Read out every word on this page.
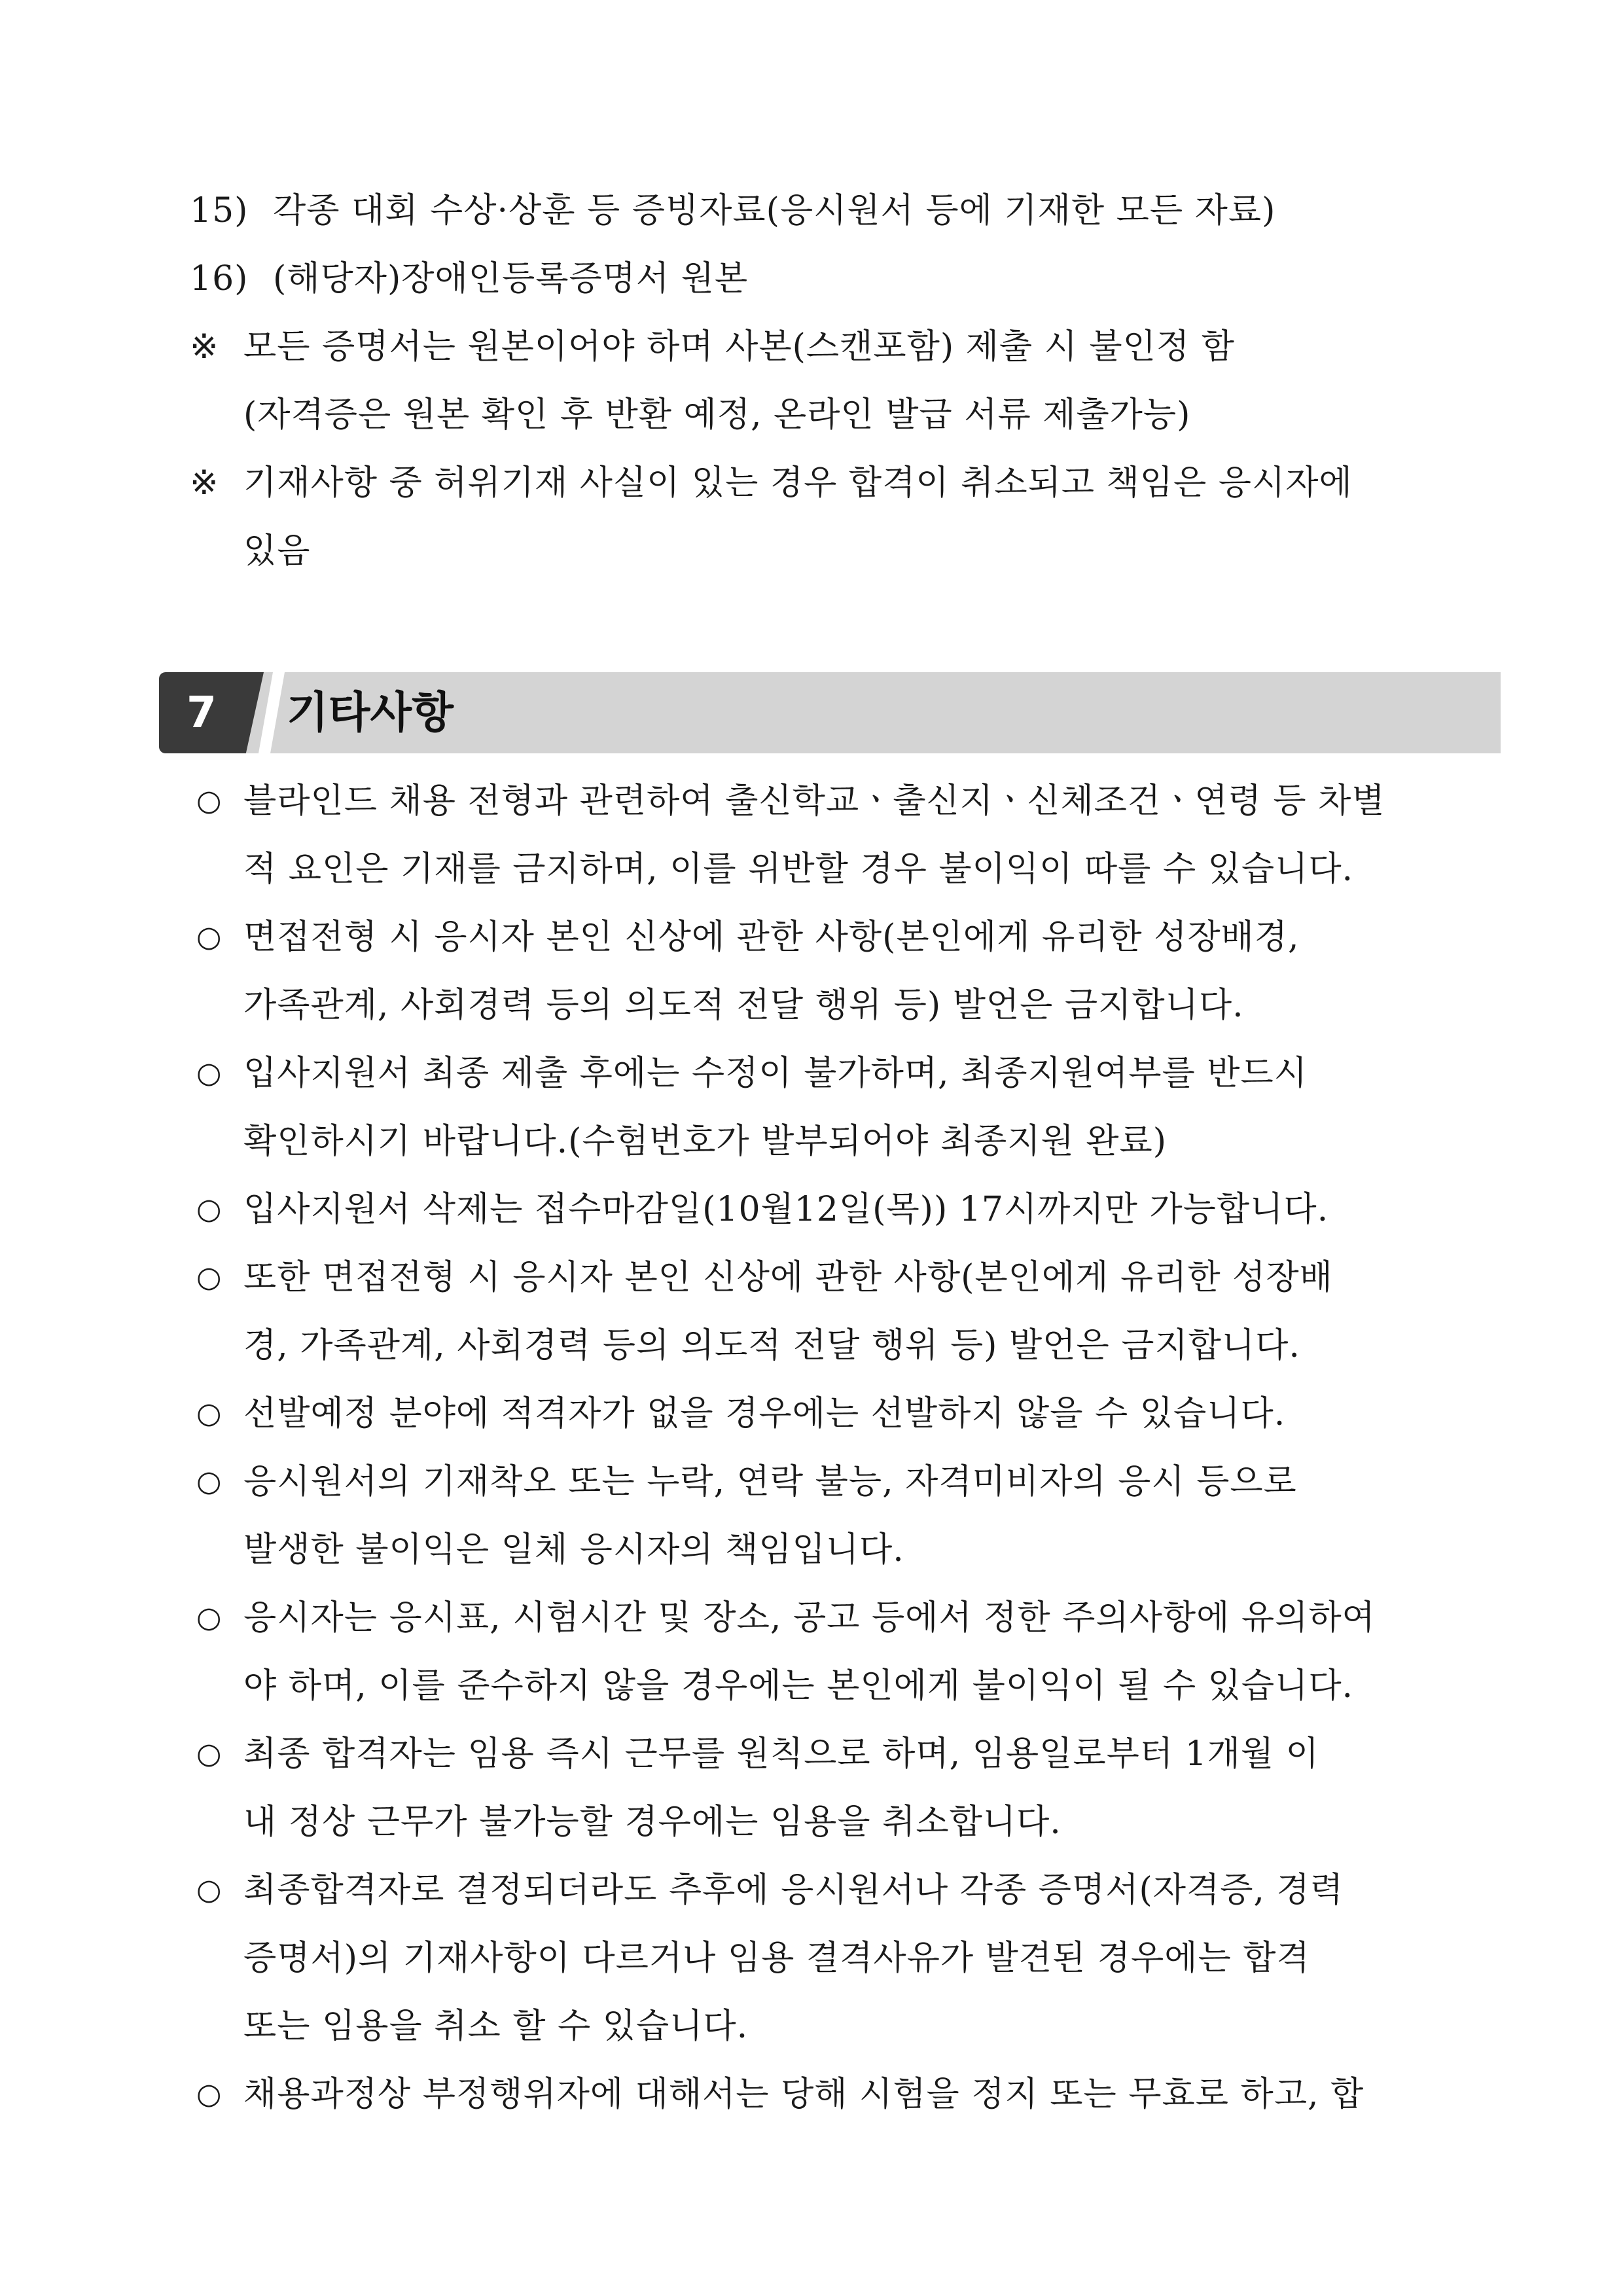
15) 각종 대회 수상·상훈 등 증빙자료(응시원서 등에 기재한 모든 자료)
16) (해당자)장애인등록증명서 원본
※ 모든 증명서는 원본이어야 하며 사본(스캔포함) 제출 시 불인정 함
(자격증은 원본 확인 후 반환 예정, 온라인 발급 서류 제출가능)
※ 기재사항 중 허위기재 사실이 있는 경우 합격이 취소되고 책임은 응시자에
있음
7	기타사항
○ 블라인드 채용 전형과 관련하여 출신학교ㆍ출신지ㆍ신체조건ㆍ연령 등 차별
적 요인은 기재를 금지하며, 이를 위반할 경우 불이익이 따를 수 있습니다.
○ 면접전형 시 응시자 본인 신상에 관한 사항(본인에게 유리한 성장배경,
가족관계, 사회경력 등의 의도적 전달 행위 등) 발언은 금지합니다.
○ 입사지원서 최종 제출 후에는 수정이 불가하며, 최종지원여부를 반드시
확인하시기 바랍니다.(수험번호가 발부되어야 최종지원 완료)
○ 입사지원서 삭제는 접수마감일(10월12일(목)) 17시까지만 가능합니다.
○ 또한 면접전형 시 응시자 본인 신상에 관한 사항(본인에게 유리한 성장배
경, 가족관계, 사회경력 등의 의도적 전달 행위 등) 발언은 금지합니다.
○ 선발예정 분야에 적격자가 없을 경우에는 선발하지 않을 수 있습니다.
○ 응시원서의 기재착오 또는 누락, 연락 불능, 자격미비자의 응시 등으로
발생한 불이익은 일체 응시자의 책임입니다.
○ 응시자는 응시표, 시험시간 및 장소, 공고 등에서 정한 주의사항에 유의하여
야 하며, 이를 준수하지 않을 경우에는 본인에게 불이익이 될 수 있습니다.
○ 최종 합격자는 임용 즉시 근무를 원칙으로 하며, 임용일로부터 1개월 이
내 정상 근무가 불가능할 경우에는 임용을 취소합니다.
○ 최종합격자로 결정되더라도 추후에 응시원서나 각종 증명서(자격증, 경력
증명서)의 기재사항이 다르거나 임용 결격사유가 발견된 경우에는 합격
또는 임용을 취소 할 수 있습니다.
○ 채용과정상 부정행위자에 대해서는 당해 시험을 정지 또는 무효로 하고, 합
